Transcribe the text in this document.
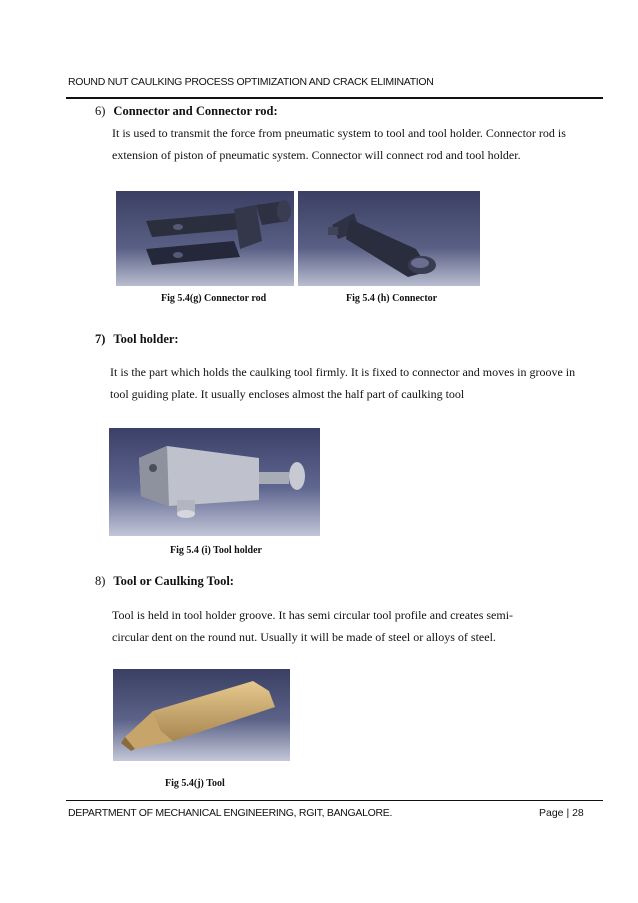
ROUND NUT CAULKING PROCESS OPTIMIZATION AND CRACK ELIMINATION
6) Connector and Connector rod:
It is used to transmit the force from pneumatic system to tool and tool holder. Connector rod is extension of piston of pneumatic system. Connector will connect rod and tool holder.
Fig 5.4(g) Connector rod	Fig 5.4 (h) Connector
7) Tool holder:
It is the part which holds the caulking tool firmly. It is fixed to connector and moves in groove in tool guiding plate. It usually encloses almost the half part of caulking tool
Fig 5.4 (i) Tool holder
8) Tool or Caulking Tool:
Tool is held in tool holder groove. It has semi circular tool profile and creates semi-circular dent on the round nut. Usually it will be made of steel or alloys of steel.
Fig 5.4(j) Tool
DEPARTMENT OF MECHANICAL ENGINEERING, RGIT, BANGALORE.	Page | 28
